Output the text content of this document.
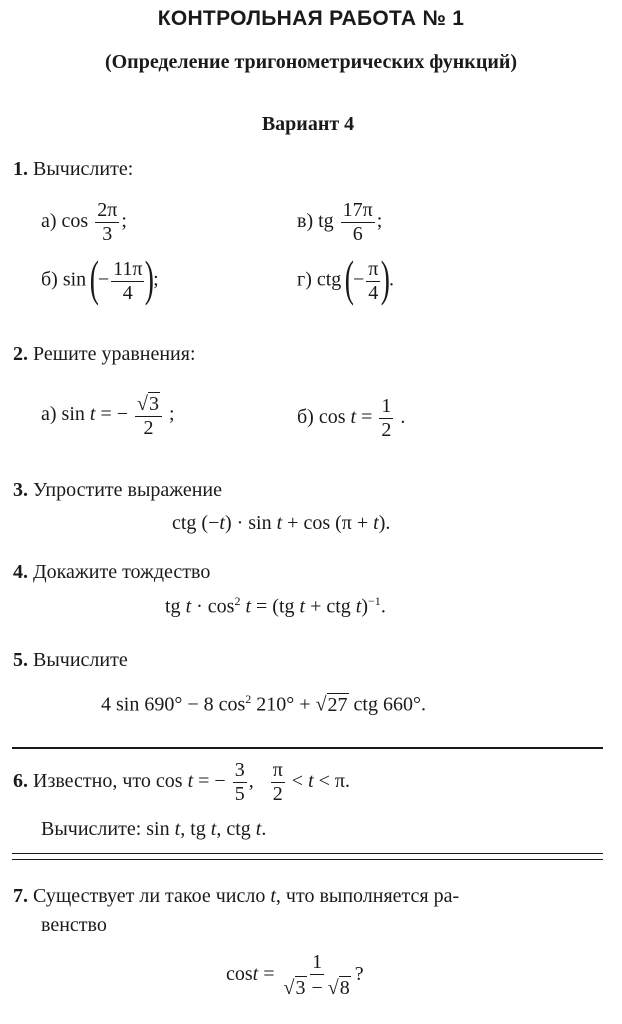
КОНТРОЛЬНАЯ РАБОТА № 1
(Определение тригонометрических функций)
Вариант 4
1. Вычислите:
а) $\cos \frac{2\pi}{3}$ ;	в) tg $\frac{17\pi}{6}$ ;
б) sin (− $\frac{11\pi}{4}$ );	г) ctg (− $\frac{\pi}{4}$ ).
2. Решите уравнения:
а) sin t = − $\frac{√3}{2}$ ;	б) $\cos t = \frac{1}{2}$ .
3. Упростите выражение
ctg (−t) · sin t + cos (π + t).
4. Докажите тождество
tg $t \cdot \cos^2 t = (tg$ t + ctg t)$^{-1}$.
5. Вычислите
4 sin 690° − 8 $\cos^2 210^\circ + √27$ ctg 660°.
6. Известно, что cos t = − $\frac{3}{5}$ , $\frac{\pi}{2} < t < \pi$.
Вычислите: sin t, tg t, ctg t.
7. Существует ли такое число t, что выполняется ра-
венство
$\cos t = \frac{1}{√3 - √8}$ ?
